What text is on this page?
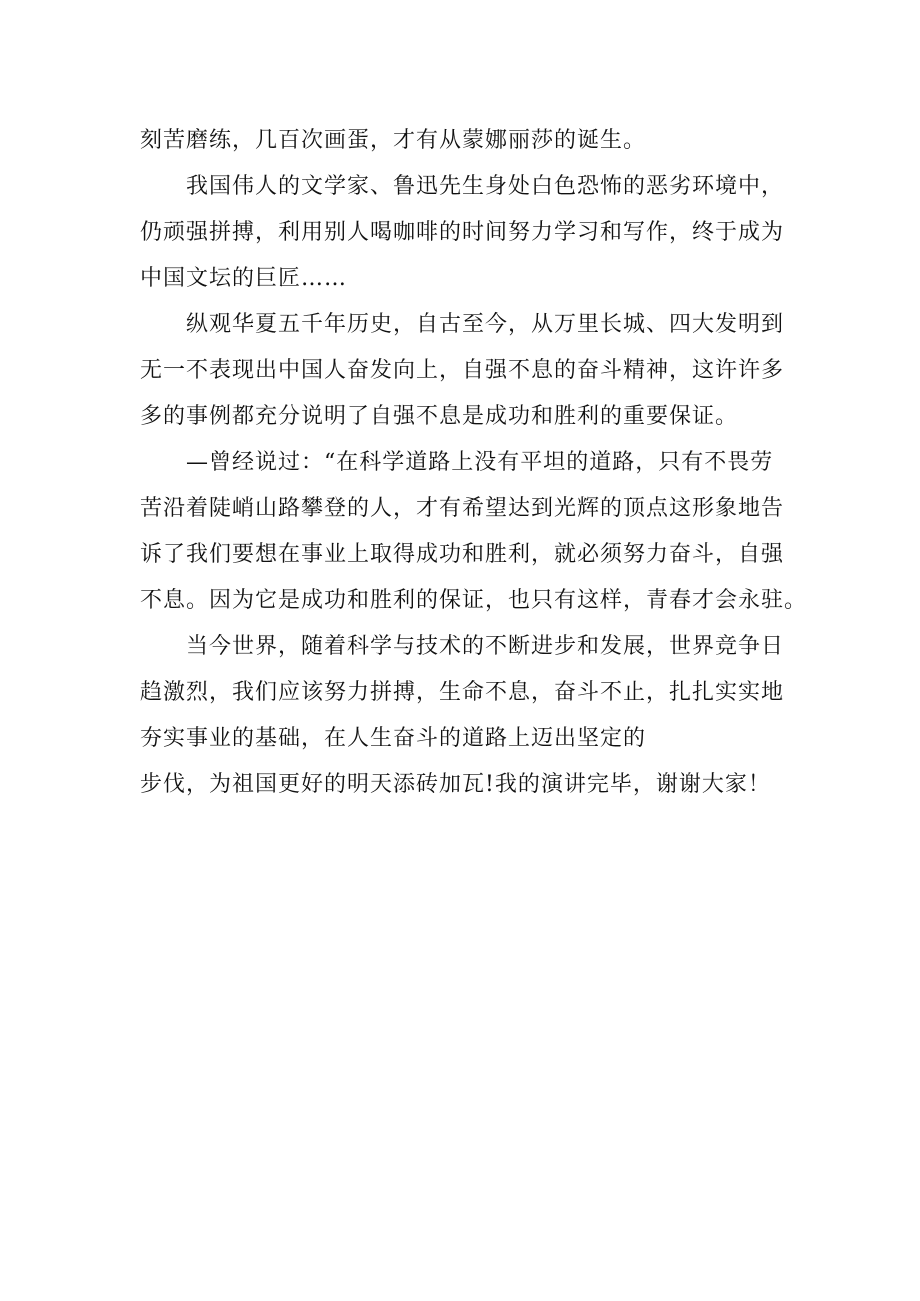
刻苦磨练，几百次画蛋，才有从蒙娜丽莎的诞生。
我国伟人的文学家、鲁迅先生身处白色恐怖的恶劣环境中，
仍顽强拼搏，利用别人喝咖啡的时间努力学习和写作，终于成为
中国文坛的巨匠……
纵观华夏五千年历史，自古至今，从万里长城、四大发明到
无一不表现出中国人奋发向上，自强不息的奋斗精神，这许许多
多的事例都充分说明了自强不息是成功和胜利的重要保证。
—曾经说过：“在科学道路上没有平坦的道路，只有不畏劳
苦沿着陡峭山路攀登的人，才有希望达到光辉的顶点这形象地告
诉了我们要想在事业上取得成功和胜利，就必须努力奋斗，自强
不息。因为它是成功和胜利的保证，也只有这样，青春才会永驻。
当今世界，随着科学与技术的不断进步和发展，世界竞争日
趋激烈，我们应该努力拼搏，生命不息，奋斗不止，扎扎实实地
夯实事业的基础，在人生奋斗的道路上迈出坚定的
步伐，为祖国更好的明天添砖加瓦!我的演讲完毕，谢谢大家！
